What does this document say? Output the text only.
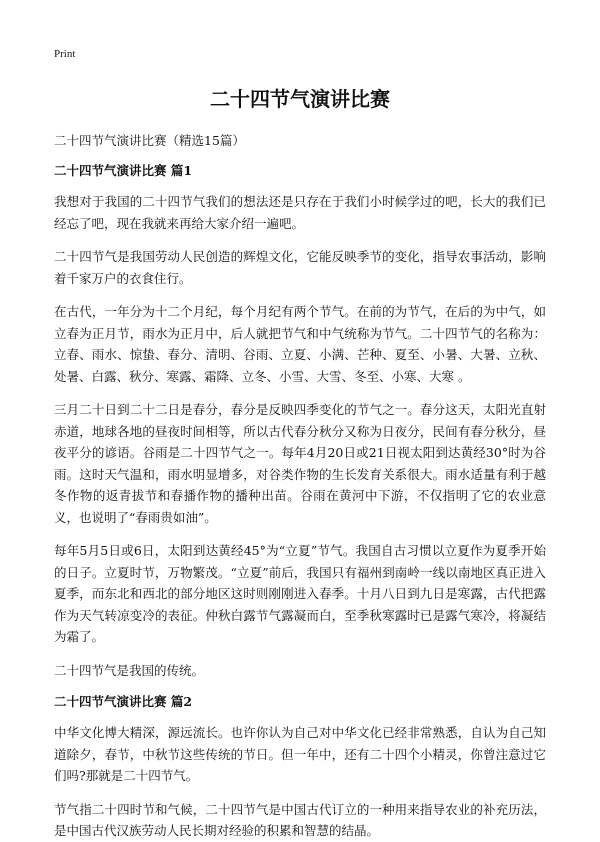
Print
二十四节气演讲比赛
二十四节气演讲比赛（精选15篇）
二十四节气演讲比赛 篇1
我想对于我国的二十四节气我们的想法还是只存在于我们小时候学过的吧，长大的我们已经忘了吧，现在我就来再给大家介绍一遍吧。
二十四节气是我国劳动人民创造的辉煌文化，它能反映季节的变化，指导农事活动，影响着千家万户的衣食住行。
在古代，一年分为十二个月纪，每个月纪有两个节气。在前的为节气，在后的为中气，如立春为正月节，雨水为正月中，后人就把节气和中气统称为节气。二十四节气的名称为： 立春、雨水、惊蛰、春分、清明、谷雨、立夏、小满、芒种、夏至、小暑、大暑、立秋、处暑、白露、秋分、寒露、霜降、立冬、小雪、大雪、冬至、小寒、大寒 。
三月二十日到二十二日是春分，春分是反映四季变化的节气之一。春分这天，太阳光直射赤道，地球各地的昼夜时间相等，所以古代春分秋分又称为日夜分，民间有春分秋分，昼夜平分的谚语。谷雨是二十四节气之一。每年4月20日或21日视太阳到达黄经30°时为谷雨。这时天气温和，雨水明显增多，对谷类作物的生长发育关系很大。雨水适量有利于越冬作物的返青拔节和春播作物的播种出苗。谷雨在黄河中下游，不仅指明了它的农业意义，也说明了“春雨贵如油”。
每年5月5日或6日，太阳到达黄经45°为“立夏”节气。我国自古习惯以立夏作为夏季开始的日子。立夏时节，万物繁茂。“立夏”前后，我国只有福州到南岭一线以南地区真正进入夏季，而东北和西北的部分地区这时则刚刚进入春季。十月八日到九日是寒露，古代把露作为天气转凉变冷的表征。仲秋白露节气露凝而白，至季秋寒露时已是露气寒冷，将凝结为霜了。
二十四节气是我国的传统。
二十四节气演讲比赛 篇2
中华文化博大精深，源远流长。也许你认为自己对中华文化已经非常熟悉，自认为自己知道除夕，春节，中秋节这些传统的节日。但一年中，还有二十四个小精灵，你曾注意过它们吗?那就是二十四节气。
节气指二十四时节和气候，二十四节气是中国古代订立的一种用来指导农业的补充历法，是中国古代汉族劳动人民长期对经验的积累和智慧的结晶。
